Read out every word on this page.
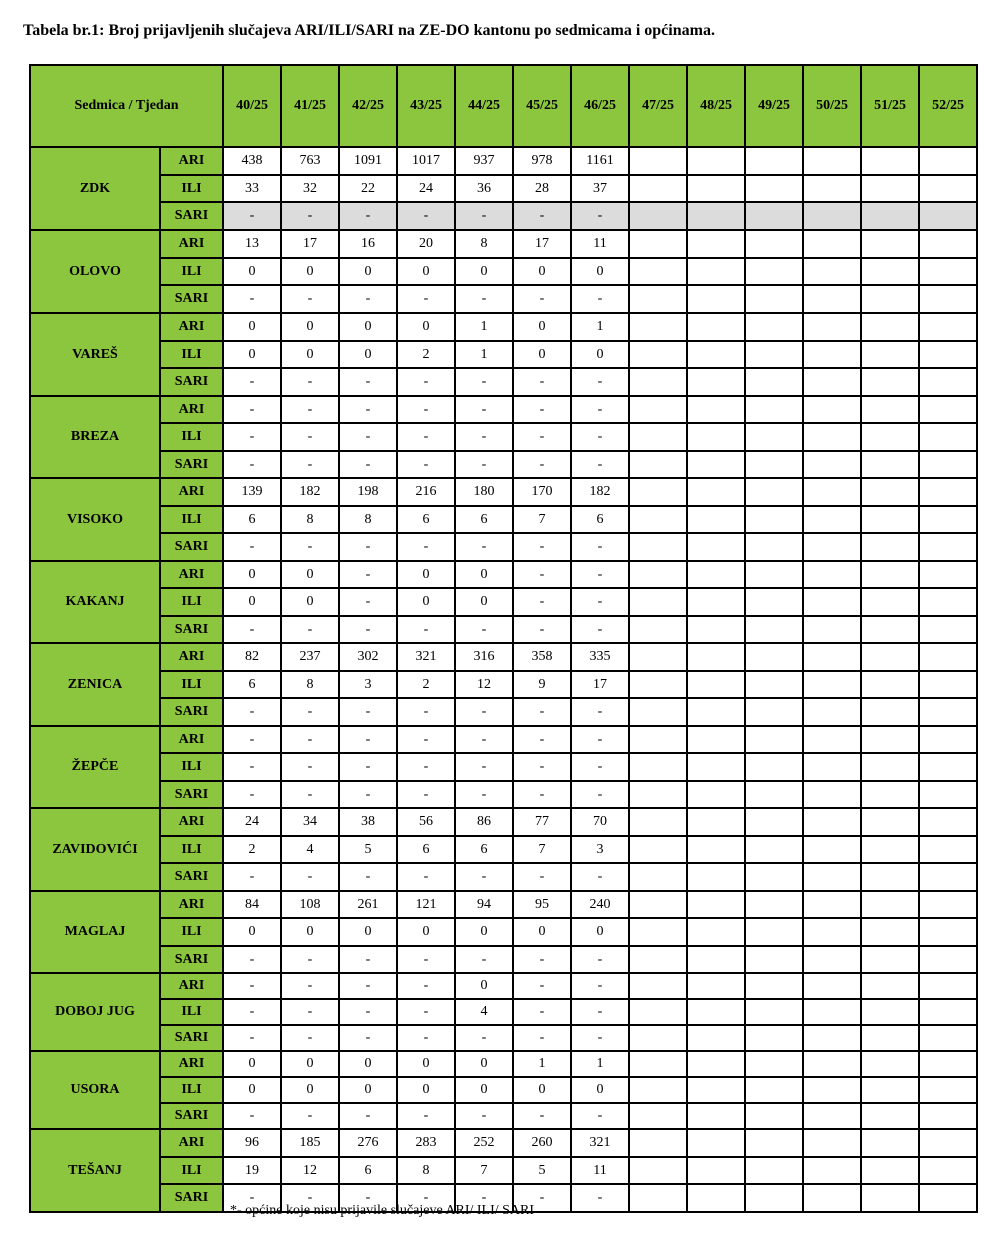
Tabela br.1: Broj prijavljenih slučajeva ARI/ILI/SARI na ZE-DO kantonu po sedmicama i općinama.
Sedmica / Tjedan		40/25	41/25	42/25	43/25	44/25	45/25	46/25	47/25	48/25	49/25	50/25	51/25	52/25
ZDK	ARI	438	763	1091	1017	937	978	1161						
	ILI	33	32	22	24	36	28	37						
	SARI	-	-	-	-	-	-	-						
OLOVO	ARI	13	17	16	20	8	17	11						
	ILI	0	0	0	0	0	0	0						
	SARI	-	-	-	-	-	-	-						
VAREŠ	ARI	0	0	0	0	1	0	1						
	ILI	0	0	0	2	1	0	0						
	SARI	-	-	-	-	-	-	-						
BREZA	ARI	-	-	-	-	-	-	-						
	ILI	-	-	-	-	-	-	-						
	SARI	-	-	-	-	-	-	-						
VISOKO	ARI	139	182	198	216	180	170	182						
	ILI	6	8	8	6	6	7	6						
	SARI	-	-	-	-	-	-	-						
KAKANJ	ARI	0	0	-	0	0	-	-						
	ILI	0	0	-	0	0	-	-						
	SARI	-	-	-	-	-	-	-						
ZENICA	ARI	82	237	302	321	316	358	335						
	ILI	6	8	3	2	12	9	17						
	SARI	-	-	-	-	-	-	-						
ŽEPČE	ARI	-	-	-	-	-	-	-						
	ILI	-	-	-	-	-	-	-						
	SARI	-	-	-	-	-	-	-						
ZAVIDOVIĆI	ARI	24	34	38	56	86	77	70						
	ILI	2	4	5	6	6	7	3						
	SARI	-	-	-	-	-	-	-						
MAGLAJ	ARI	84	108	261	121	94	95	240						
	ILI	0	0	0	0	0	0	0						
	SARI	-	-	-	-	-	-	-						
DOBOJ JUG	ARI	-	-	-	-	0	-	-						
	ILI	-	-	-	-	4	-	-						
	SARI	-	-	-	-	-	-	-						
USORA	ARI	0	0	0	0	0	1	1						
	ILI	0	0	0	0	0	0	0						
	SARI	-	-	-	-	-	-	-						
TEŠANJ	ARI	96	185	276	283	252	260	321						
	ILI	19	12	6	8	7	5	11						
	SARI	-	-	-	-	-	-	-						
*- općine koje nisu prijavile slučajeve ARI/ ILI/ SARI
